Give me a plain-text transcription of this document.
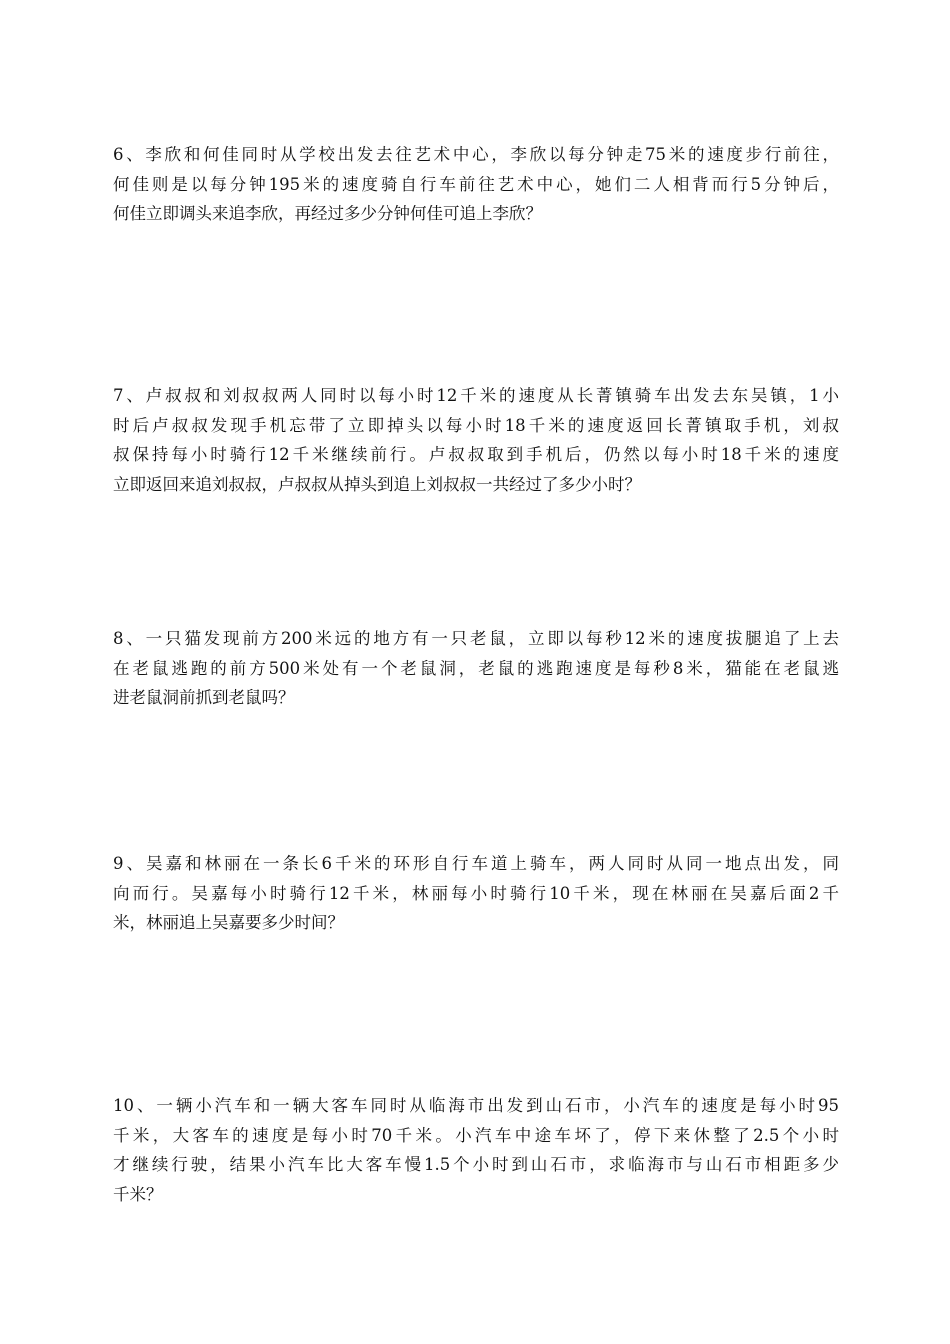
6、李欣和何佳同时从学校出发去往艺术中心，李欣以每分钟走75米的速度步行前往，
何佳则是以每分钟195米的速度骑自行车前往艺术中心，她们二人相背而行5分钟后，
何佳立即调头来追李欣，再经过多少分钟何佳可追上李欣？
7、卢叔叔和刘叔叔两人同时以每小时12千米的速度从长菁镇骑车出发去东吴镇，1小
时后卢叔叔发现手机忘带了立即掉头以每小时18千米的速度返回长菁镇取手机，刘叔
叔保持每小时骑行12千米继续前行。卢叔叔取到手机后，仍然以每小时18千米的速度
立即返回来追刘叔叔，卢叔叔从掉头到追上刘叔叔一共经过了多少小时？
8、一只猫发现前方200米远的地方有一只老鼠，立即以每秒12米的速度拔腿追了上去
在老鼠逃跑的前方500米处有一个老鼠洞，老鼠的逃跑速度是每秒8米，猫能在老鼠逃
进老鼠洞前抓到老鼠吗？
9、吴嘉和林丽在一条长6千米的环形自行车道上骑车，两人同时从同一地点出发，同
向而行。吴嘉每小时骑行12千米，林丽每小时骑行10千米，现在林丽在吴嘉后面2千
米，林丽追上吴嘉要多少时间？
10、一辆小汽车和一辆大客车同时从临海市出发到山石市，小汽车的速度是每小时95
千米，大客车的速度是每小时70千米。小汽车中途车坏了，停下来休整了2.5个小时
才继续行驶，结果小汽车比大客车慢1.5个小时到山石市，求临海市与山石市相距多少
千米？
